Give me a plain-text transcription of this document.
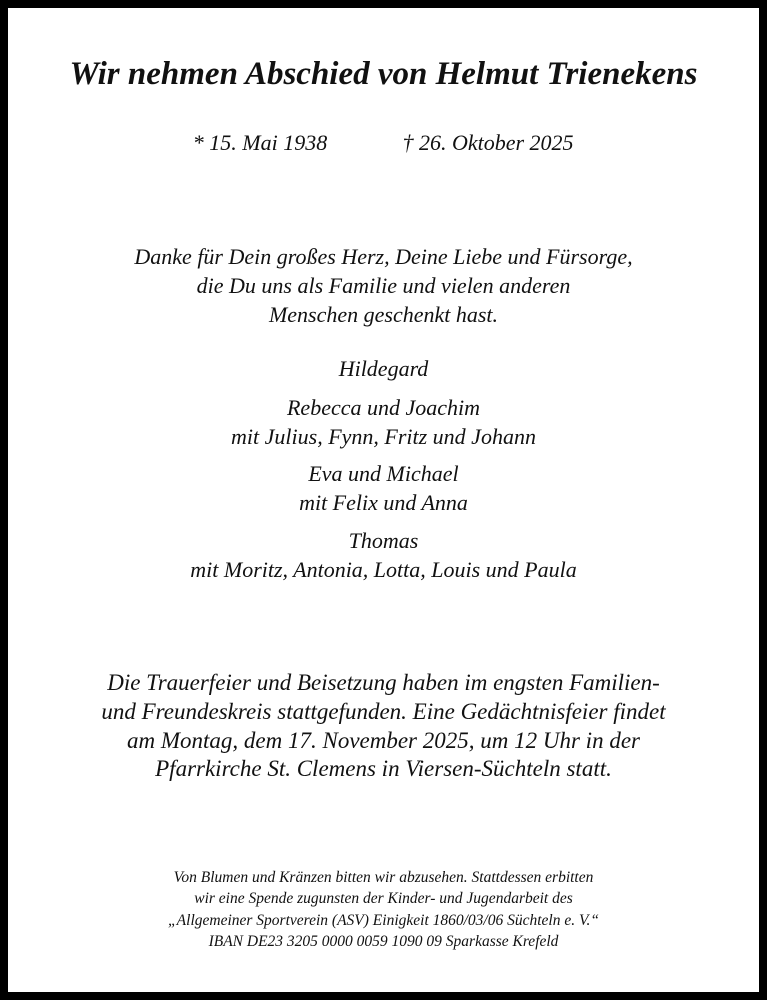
Wir nehmen Abschied von Helmut Trienekens
* 15. Mai 1938	† 26. Oktober 2025
Danke für Dein großes Herz, Deine Liebe und Fürsorge,
die Du uns als Familie und vielen anderen
Menschen geschenkt hast.
Hildegard
Rebecca und Joachim
mit Julius, Fynn, Fritz und Johann
Eva und Michael
mit Felix und Anna
Thomas
mit Moritz, Antonia, Lotta, Louis und Paula
Die Trauerfeier und Beisetzung haben im engsten Familien-
und Freundeskreis stattgefunden. Eine Gedächtnisfeier findet
am Montag, dem 17. November 2025, um 12 Uhr in der
Pfarrkirche St. Clemens in Viersen-Süchteln statt.
Von Blumen und Kränzen bitten wir abzusehen. Stattdessen erbitten
wir eine Spende zugunsten der Kinder- und Jugendarbeit des
„Allgemeiner Sportverein (ASV) Einigkeit 1860/03/06 Süchteln e. V.“
IBAN DE23 3205 0000 0059 1090 09 Sparkasse Krefeld
